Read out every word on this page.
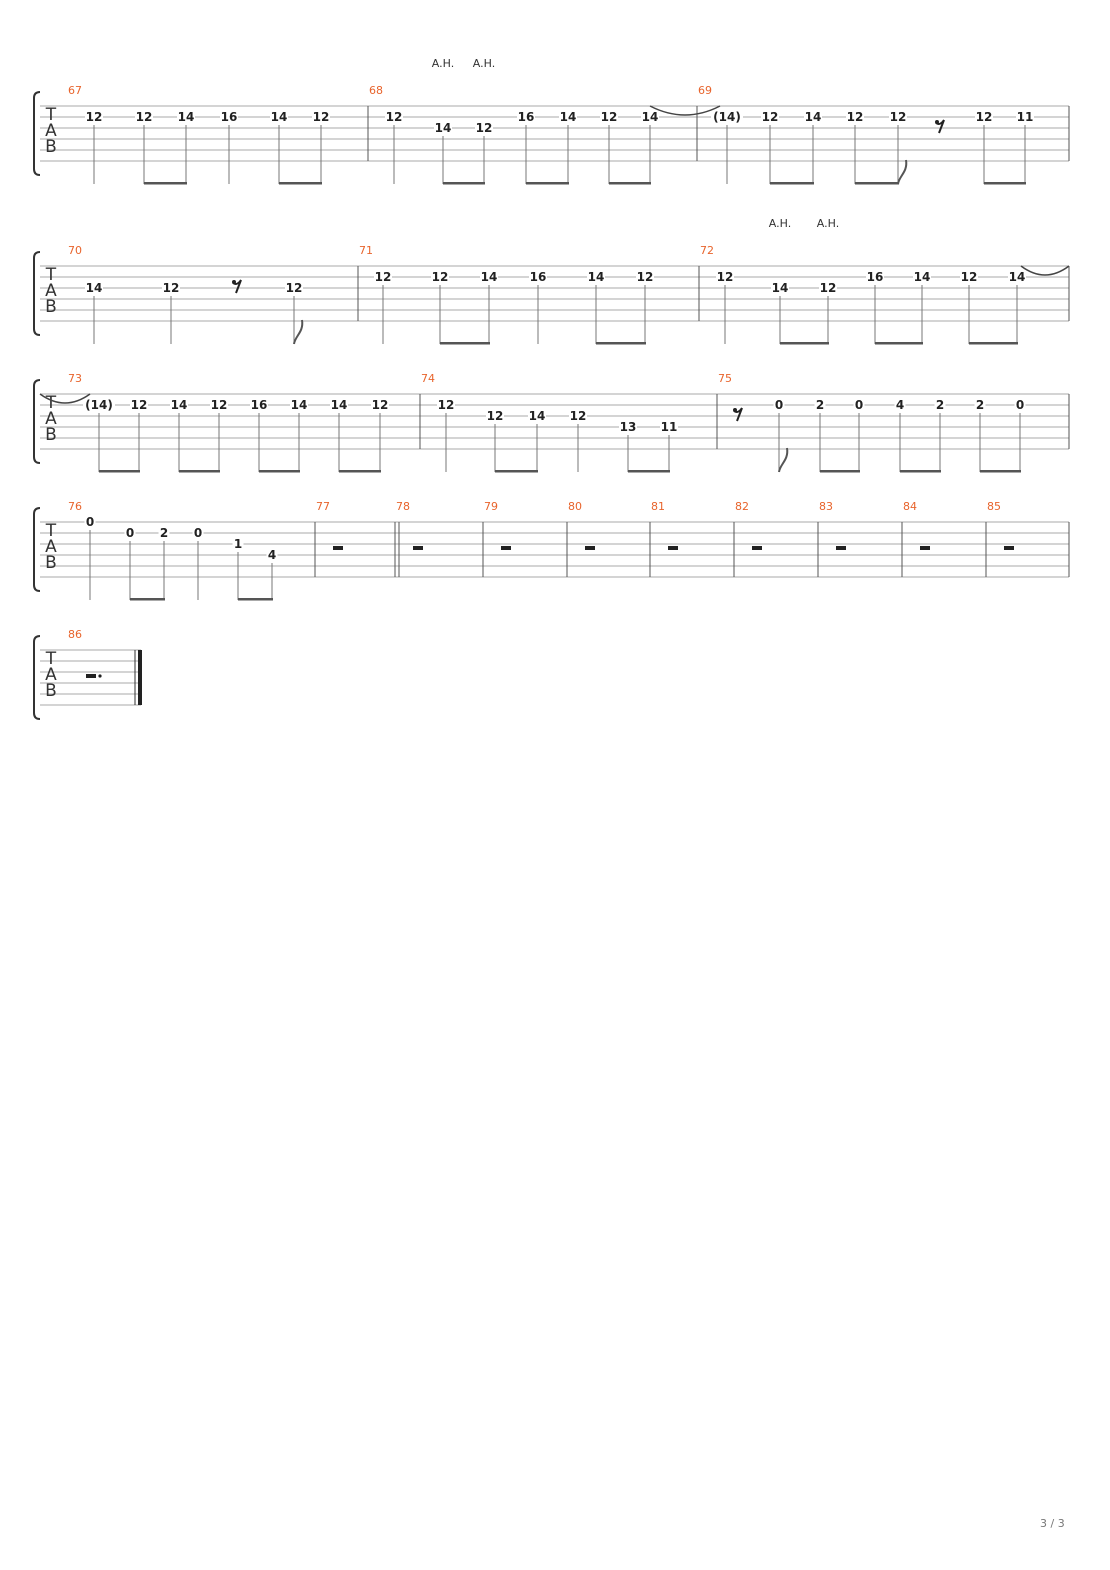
T
A
B
67
12	12 14 16	14 12
68
A.H. A.H.
12
14 12
16 14 12 14
69
(14) 12 14 12 12	12 11
T
A
B
70
14	12	12
71
12	12	14	16	14	12
72
A.H. A.H.
12
14	12
16	14	12	14
T
A
B
73
(14) 12 14 12 16 14 14 12
74
12
12 14 12
13 11
75
0	2	0	4	2	2	0
T
A
B
76
0
0 2 0
1
4
77	78	79	80	81	82	83	84	85
T
A
B
86
3 / 3
